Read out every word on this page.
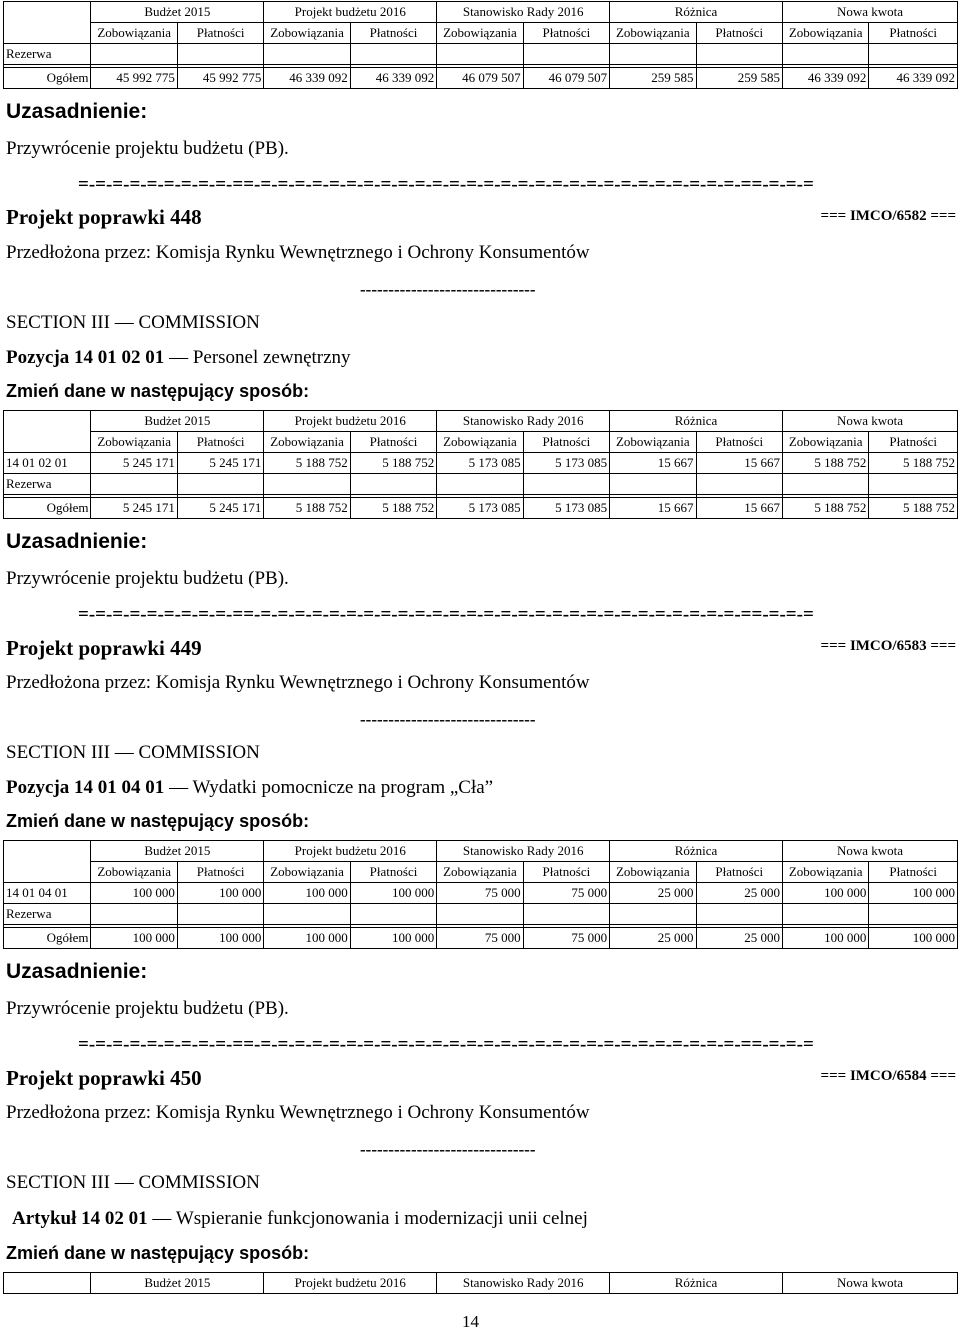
	Budżet 2015		Projekt budżetu 2016		Stanowisko Rady 2016		Różnica		Nowa kwota	
	Zobowiązania	Płatności	Zobowiązania	Płatności	Zobowiązania	Płatności	Zobowiązania	Płatności	Zobowiązania	Płatności
Rezerwa										

Ogółem	45 992 775	45 992 775	46 339 092	46 339 092	46 079 507	46 079 507	259 585	259 585	46 339 092	46 339 092
Uzasadnienie:
Przywrócenie projektu budżetu (PB).
=-=-=-=-=-=-=-=-=-==-=-=-=-=-=-=-=-=-=-=-=-=-=-=-=-=-=-=-=-=-=-=-=-=-=-=-=-=-==-=-=-=
Projekt poprawki 448	=== IMCO/6582 ===
Przedłożona przez: Komisja Rynku Wewnętrznego i Ochrony Konsumentów
-------------------------------
SECTION III — COMMISSION
Pozycja 14 01 02 01 — Personel zewnętrzny
Zmień dane w następujący sposób:
	Budżet 2015		Projekt budżetu 2016		Stanowisko Rady 2016		Różnica		Nowa kwota	
	Zobowiązania	Płatności	Zobowiązania	Płatności	Zobowiązania	Płatności	Zobowiązania	Płatności	Zobowiązania	Płatności
14 01 02 01	5 245 171	5 245 171	5 188 752	5 188 752	5 173 085	5 173 085	15 667	15 667	5 188 752	5 188 752
Rezerwa										

Ogółem	5 245 171	5 245 171	5 188 752	5 188 752	5 173 085	5 173 085	15 667	15 667	5 188 752	5 188 752
Uzasadnienie:
Przywrócenie projektu budżetu (PB).
=-=-=-=-=-=-=-=-=-==-=-=-=-=-=-=-=-=-=-=-=-=-=-=-=-=-=-=-=-=-=-=-=-=-=-=-=-=-==-=-=-=
Projekt poprawki 449	=== IMCO/6583 ===
Przedłożona przez: Komisja Rynku Wewnętrznego i Ochrony Konsumentów
-------------------------------
SECTION III — COMMISSION
Pozycja 14 01 04 01 — Wydatki pomocnicze na program „Cła”
Zmień dane w następujący sposób:
	Budżet 2015		Projekt budżetu 2016		Stanowisko Rady 2016		Różnica		Nowa kwota	
	Zobowiązania	Płatności	Zobowiązania	Płatności	Zobowiązania	Płatności	Zobowiązania	Płatności	Zobowiązania	Płatności
14 01 04 01	100 000	100 000	100 000	100 000	75 000	75 000	25 000	25 000	100 000	100 000
Rezerwa										

Ogółem	100 000	100 000	100 000	100 000	75 000	75 000	25 000	25 000	100 000	100 000
Uzasadnienie:
Przywrócenie projektu budżetu (PB).
=-=-=-=-=-=-=-=-=-==-=-=-=-=-=-=-=-=-=-=-=-=-=-=-=-=-=-=-=-=-=-=-=-=-=-=-=-=-==-=-=-=
Projekt poprawki 450	=== IMCO/6584 ===
Przedłożona przez: Komisja Rynku Wewnętrznego i Ochrony Konsumentów
-------------------------------
SECTION III — COMMISSION
Artykuł 14 02 01 — Wspieranie funkcjonowania i modernizacji unii celnej
Zmień dane w następujący sposób:
	Budżet 2015	Projekt budżetu 2016	Stanowisko Rady 2016	Różnica	Nowa kwota
14
